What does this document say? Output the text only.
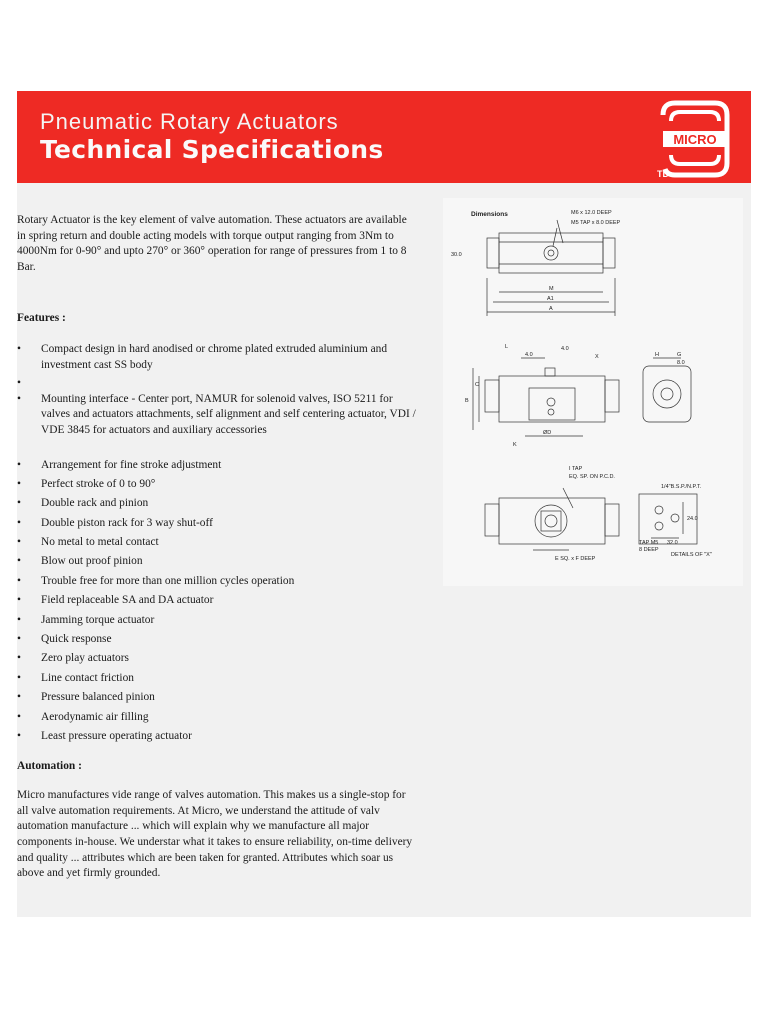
Pneumatic Rotary Actuators
Technical Specifications	MICRO
TD

Rotary Actuator is the key element of valve automation. These actuators are available in spring return and double acting models with torque output ranging from 3Nm to 4000Nm for 0-90° and upto 270° or 360° operation for range of pressures from 1 to 8 Bar.

Features :

• Compact design in hard anodised or chrome plated extruded aluminium and investment cast SS body
•
• Mounting interface - Center port, NAMUR for solenoid valves, ISO 5211 for valves and actuators attachments, self alignment and self centering actuator, VDI / VDE 3845 for actuators and auxiliary accessories
• Arrangement for fine stroke adjustment
• Perfect stroke of 0 to 90°
• Double rack and pinion
• Double piston rack for 3 way shut-off
• No metal to metal contact
• Blow out proof pinion
• Trouble free for more than one million cycles operation
• Field replaceable SA and DA actuator
• Jamming torque actuator
• Quick response
• Zero play actuators
• Line contact friction
• Pressure balanced pinion
• Aerodynamic air filling
• Least pressure operating actuator

Automation :

Micro manufactures vide range of valves automation. This makes us a single-stop for all valve automation requirements. At Micro, we understand the attitude of valv automation manufacture ... which will explain why we manufacture all major components in-house. We understar what it takes to ensure reliability, on-time delivery and quality ... attributes which are been taken for granted. Attributes which soar us above and yet firmly grounded.

Dimensions	M6 x 12.0 DEEP
M5 TAP x 8.0 DEEP
30.0
M
A1
A
L
4.0
4.0
X
C
B
ØD
K
H	G
8.0
I TAP
EQ. SP. ON P.C.D.
E SQ. x F DEEP
1/4"B.S.P./N.P.T.
24.0
32.0
TAP M5
8 DEEP
DETAILS OF "X"
